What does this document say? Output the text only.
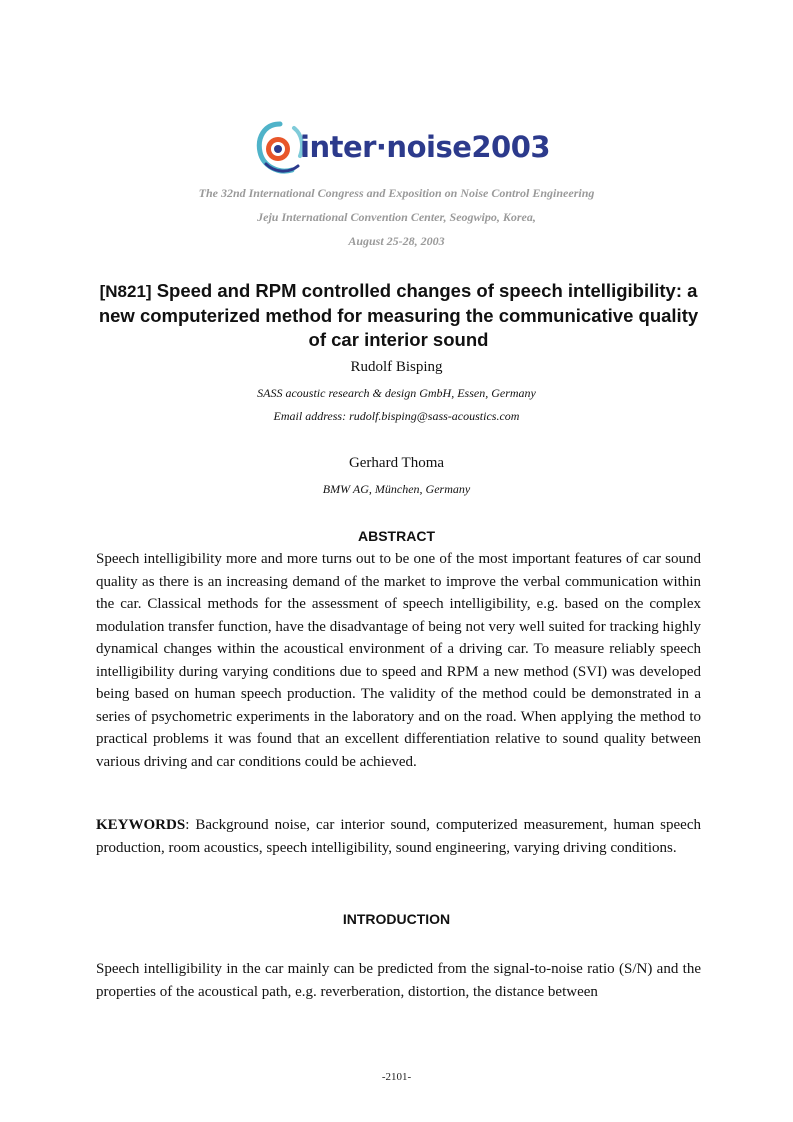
inter·noise2003
The 32nd International Congress and Exposition on Noise Control Engineering
Jeju International Convention Center, Seogwipo, Korea,
August 25-28, 2003
[N821] Speed and RPM controlled changes of speech intelligibility: a new computerized method for measuring the communicative quality of car interior sound
Rudolf Bisping
SASS acoustic research & design GmbH, Essen, Germany
Email address: rudolf.bisping@sass-acoustics.com
Gerhard Thoma
BMW AG, München, Germany
ABSTRACT

Speech intelligibility more and more turns out to be one of the most important features of car sound quality as there is an increasing demand of the market to improve the verbal communication within the car. Classical methods for the assessment of speech intelligibility, e.g. based on the complex modulation transfer function, have the disadvantage of being not very well suited for tracking highly dynamical changes within the acoustical environment of a driving car. To measure reliably speech intelligibility during varying conditions due to speed and RPM a new method (SVI) was developed being based on human speech production. The validity of the method could be demonstrated in a series of psychometric experiments in the laboratory and on the road. When applying the method to practical problems it was found that an excellent differentiation relative to sound quality between various driving and car conditions could be achieved.

KEYWORDS: Background noise, car interior sound, computerized measurement, human speech production, room acoustics, speech intelligibility, sound engineering, varying driving conditions.

INTRODUCTION

Speech intelligibility in the car mainly can be predicted from the signal-to-noise ratio (S/N) and the properties of the acoustical path, e.g. reverberation, distortion, the distance between

-2101-
